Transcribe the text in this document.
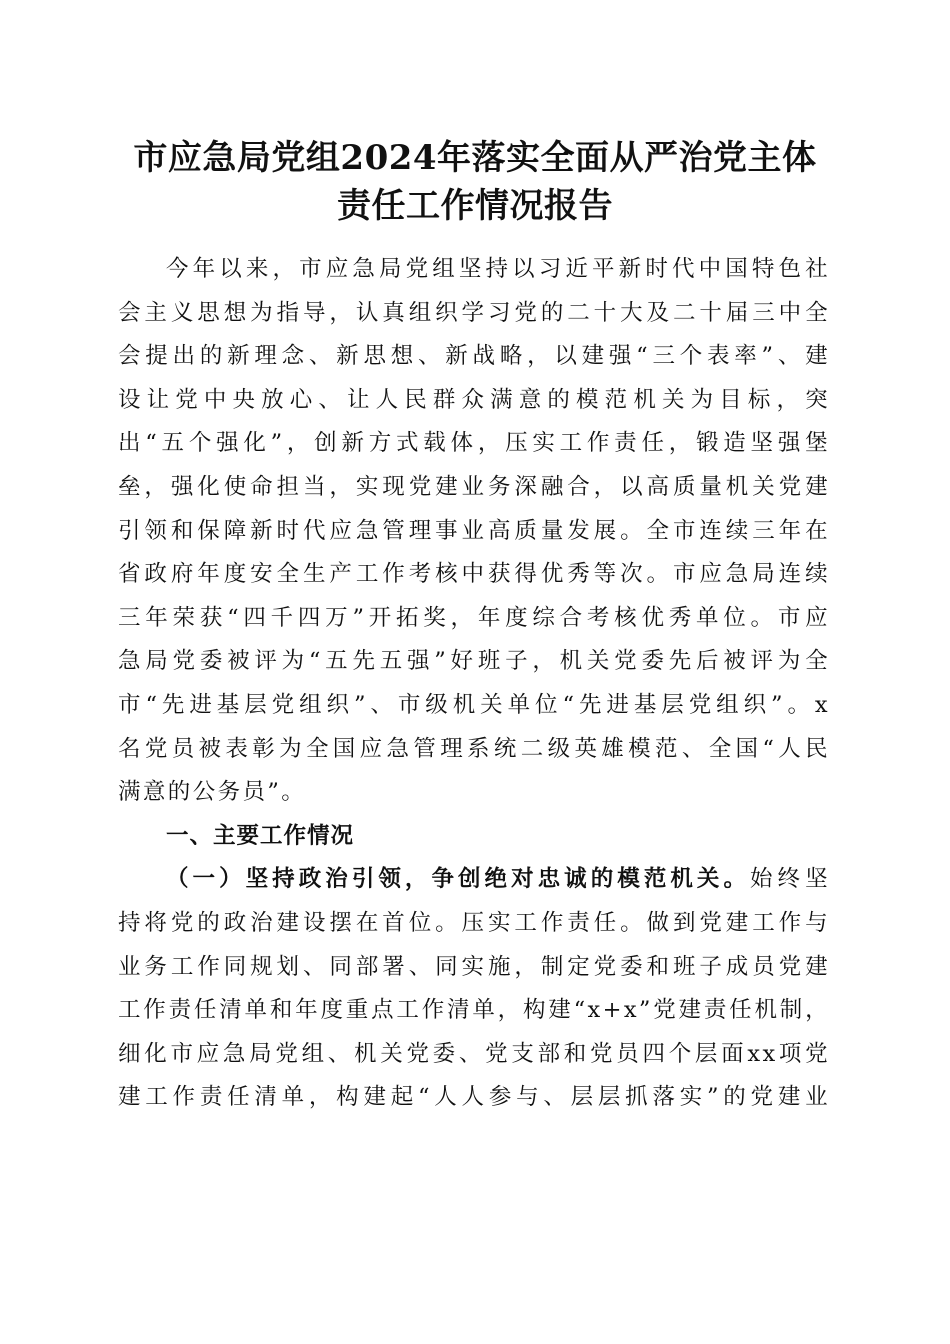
市应急局党组2024年落实全面从严治党主体
责任工作情况报告
今年以来，市应急局党组坚持以习近平新时代中国特色社
会主义思想为指导，认真组织学习党的二十大及二十届三中全
会提出的新理念、新思想、新战略，以建强“三个表率”、建
设让党中央放心、让人民群众满意的模范机关为目标，突
出“五个强化”，创新方式载体，压实工作责任，锻造坚强堡
垒，强化使命担当，实现党建业务深融合，以高质量机关党建
引领和保障新时代应急管理事业高质量发展。全市连续三年在
省政府年度安全生产工作考核中获得优秀等次。市应急局连续
三年荣获“四千四万”开拓奖，年度综合考核优秀单位。市应
急局党委被评为“五先五强”好班子，机关党委先后被评为全
市“先进基层党组织”、市级机关单位“先进基层党组织”。x
名党员被表彰为全国应急管理系统二级英雄模范、全国“人民
满意的公务员”。
一、主要工作情况
（一）坚持政治引领，争创绝对忠诚的模范机关。始终坚
持将党的政治建设摆在首位。压实工作责任。做到党建工作与
业务工作同规划、同部署、同实施，制定党委和班子成员党建
工作责任清单和年度重点工作清单，构建“x+x”党建责任机制，
细化市应急局党组、机关党委、党支部和党员四个层面xx项党
建工作责任清单，构建起“人人参与、层层抓落实”的党建业
